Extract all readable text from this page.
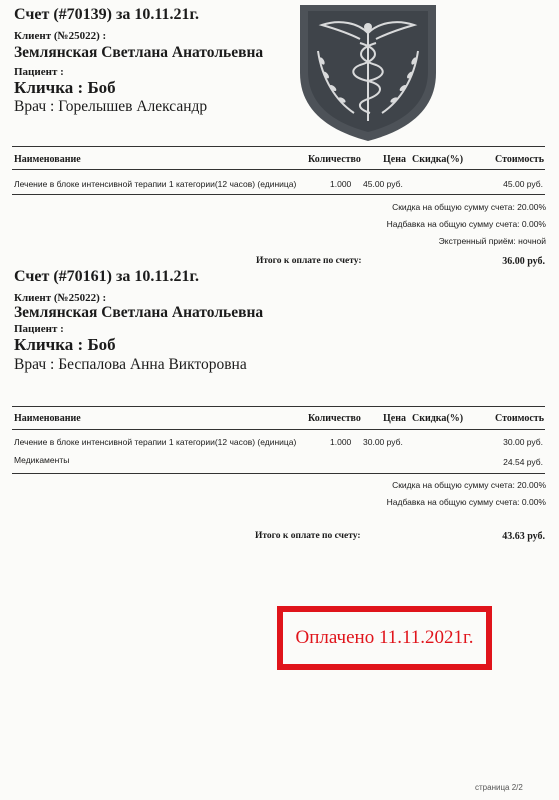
Счет (#70139) за 10.11.21г.
Клиент (№25022) :
Землянская Светлана Анатольевна
Пациент :
Кличка : Боб
Врач : Горелышев Александр
Наименование	Количество Цена Скидка(%)	Стоимость
Лечение в блоке интенсивной терапии 1 категории(12 часов) (единица)	1.000 45.00 руб.	45.00 руб.
Скидка на общую сумму счета: 20.00%
Надбавка на общую сумму счета: 0.00%
Экстренный приём: ночной
Итого к оплате по счету:	36.00 руб.
Счет (#70161) за 10.11.21г.
Клиент (№25022) :
Землянская Светлана Анатольевна
Пациент :
Кличка : Боб
Врач : Беспалова Анна Викторовна
Наименование	Количество Цена Скидка(%)	Стоимость
Лечение в блоке интенсивной терапии 1 категории(12 часов) (единица)	1.000 30.00 руб.	30.00 руб.
Медикаменты	24.54 руб.
Скидка на общую сумму счета: 20.00%
Надбавка на общую сумму счета: 0.00%
Итого к оплате по счету:	43.63 руб.
Оплачено 11.11.2021г.
страница 2/2
